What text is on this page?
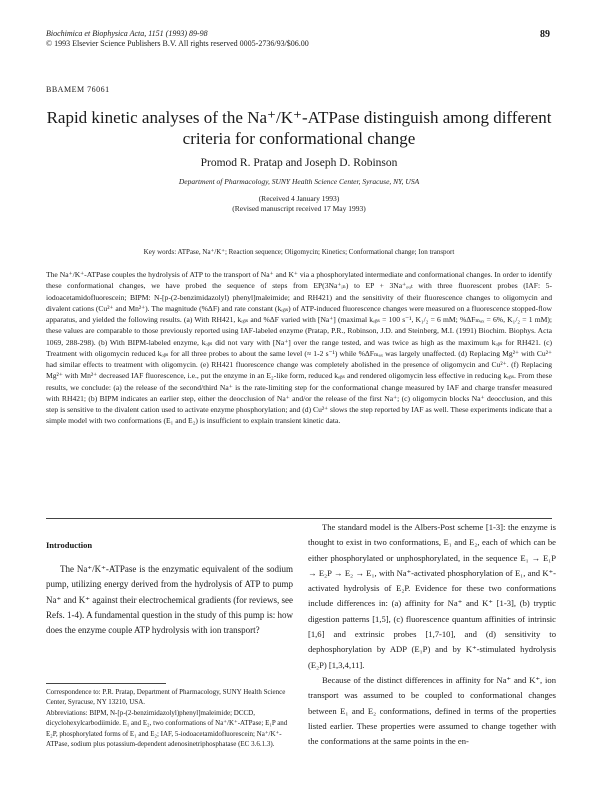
Biochimica et Biophysica Acta, 1151 (1993) 89-98
© 1993 Elsevier Science Publishers B.V. All rights reserved 0005-2736/93/$06.00
89
BBAMEM 76061
Rapid kinetic analyses of the Na⁺/K⁺-ATPase distinguish among different criteria for conformational change
Promod R. Pratap and Joseph D. Robinson
Department of Pharmacology, SUNY Health Science Center, Syracuse, NY, USA
(Received 4 January 1993)
(Revised manuscript received 17 May 1993)
Key words: ATPase, Na⁺/K⁺; Reaction sequence; Oligomycin; Kinetics; Conformational change; Ion transport

The Na⁺/K⁺-ATPase couples the hydrolysis of ATP to the transport of Na⁺ and K⁺ via a phosphorylated intermediate and conformational changes. In order to identify these conformational changes, we have probed the sequence of steps from EP(3Na⁺ᵢₙ) to EP + 3Na⁺ₒᵤₜ with three fluorescent probes (IAF: 5-iodoacetamidofluorescein; BIPM: N-[p-(2-benzimidazolyl) phenyl]maleimide; and RH421) and the sensitivity of their fluorescence changes to oligomycin and divalent cations (Cu²⁺ and Mn²⁺). The magnitude (%ΔF) and rate constant (kₒᵦₛ) of ATP-induced fluorescence changes were measured on a fluorescence stopped-flow apparatus, and yielded the following results. (a) With RH421, kₒᵦₛ and %ΔF varied with [Na⁺] (maximal kₒᵦₛ = 100 s⁻¹, K₁/₂ = 6 mM; %ΔFₘₐₓ = 6%, K₁/₂ = 1 mM); these values are comparable to those previously reported using IAF-labeled enzyme (Pratap, P.R., Robinson, J.D. and Steinberg, M.I. (1991) Biochim. Biophys. Acta 1069, 288-298). (b) With BIPM-labeled enzyme, kₒᵦₛ did not vary with [Na⁺] over the range tested, and was twice as high as the maximum kₒᵦₛ for RH421. (c) Treatment with oligomycin reduced kₒᵦₛ for all three probes to about the same level (≈ 1-2 s⁻¹) while %ΔFₘₐₓ was largely unaffected. (d) Replacing Mg²⁺ with Cu²⁺ had similar effects to treatment with oligomycin. (e) RH421 fluorescence change was completely abolished in the presence of oligomycin and Cu²⁺. (f) Replacing Mg²⁺ with Mn²⁺ decreased IAF fluorescence, i.e., put the enzyme in an E₂-like form, reduced kₒᵦₛ and rendered oligomycin less effective in reducing kₒᵦₛ. From these results, we conclude: (a) the release of the second/third Na⁺ is the rate-limiting step for the conformational change measured by IAF and charge transfer measured with RH421; (b) BIPM indicates an earlier step, either the deocclusion of Na⁺ and/or the release of the first Na⁺; (c) oligomycin blocks Na⁺ deocclusion, and this step is sensitive to the divalent cation used to activate enzyme phosphorylation; and (d) Cu²⁺ slows the step reported by IAF as well. These experiments indicate that a simple model with two conformations (E₁ and E₂) is insufficient to explain transient kinetic data.

Introduction

The Na⁺/K⁺-ATPase is the enzymatic equivalent of the sodium pump, utilizing energy derived from the hydrolysis of ATP to pump Na⁺ and K⁺ against their electrochemical gradients (for reviews, see Refs. 1-4). A fundamental question in the study of this pump is: how does the enzyme couple ATP hydrolysis with ion transport?

Correspondence to: P.R. Pratap, Department of Pharmacology, SUNY Health Science Center, Syracuse, NY 13210, USA.

Abbreviations: BIPM, N-[p-(2-benzimidazolyl)phenyl]maleimide; DCCD, dicyclohexylcarbodiimide. E₁ and E₂, two conformations of Na⁺/K⁺-ATPase; E₁P and E₂P, phosphorylated forms of E₁ and E₂; IAF, 5-iodoacetamidofluorescein; Na⁺/K⁺-ATPase, sodium plus potassium-dependent adenosinetriphosphatase (EC 3.6.1.3).

The standard model is the Albers-Post scheme [1-3]: the enzyme is thought to exist in two conformations, E₁ and E₂, each of which can be either phosphorylated or unphosphorylated, in the sequence E₁ → E₁P → E₂P → E₂ → E₁, with Na⁺-activated phosphorylation of E₁, and K⁺-activated hydrolysis of E₂P. Evidence for these two conformations include differences in: (a) affinity for Na⁺ and K⁺ [1-3], (b) tryptic digestion patterns [1,5], (c) fluorescence quantum affinities of intrinsic [1,6] and extrinsic probes [1,7-10], and (d) sensitivity to dephosphorylation by ADP (E₁P) and by K⁺-stimulated hydrolysis (E₂P) [1,3,4,11].

Because of the distinct differences in affinity for Na⁺ and K⁺, ion transport was assumed to be coupled to conformational changes between E₁ and E₂ conformations, defined in terms of the properties listed earlier. These properties were assumed to change together with the conformations at the same points in the en-
